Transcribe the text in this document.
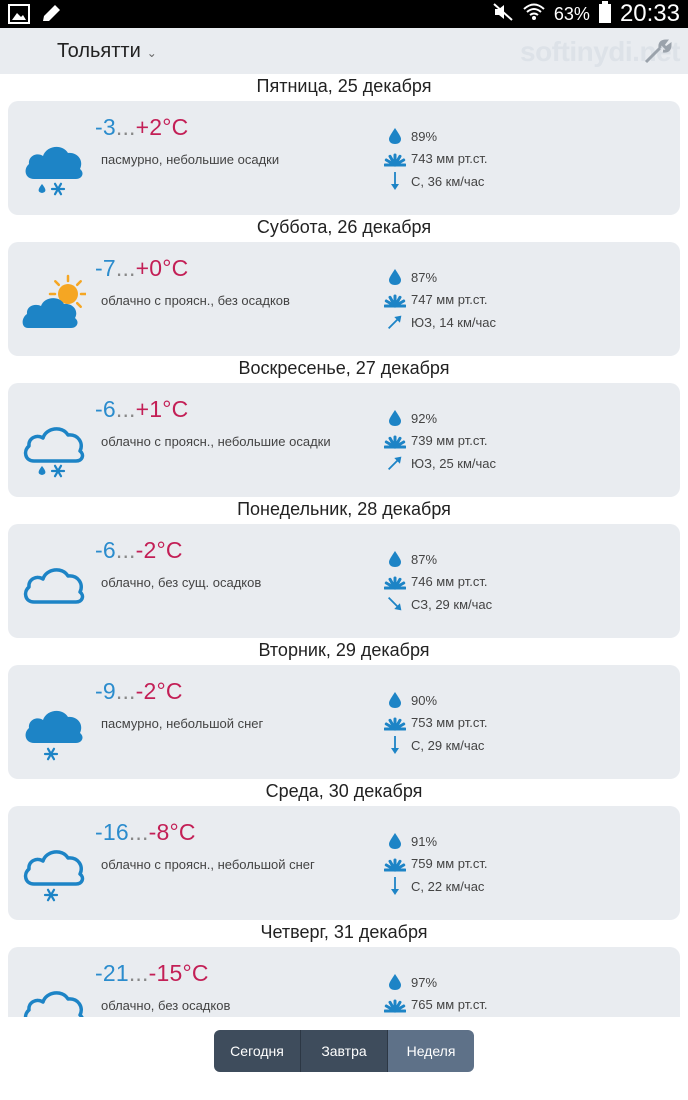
63% 20:33
Тольятти ⌄	softinydi.net
Пятница, 25 декабря
-3...+2°C
пасмурно, небольшие осадки
89%
743 мм рт.ст.
С, 36 км/час
Суббота, 26 декабря
-7...+0°C
облачно с проясн., без осадков
87%
747 мм рт.ст.
ЮЗ, 14 км/час
Воскресенье, 27 декабря
-6...+1°C
облачно с проясн., небольшие осадки
92%
739 мм рт.ст.
ЮЗ, 25 км/час
Понедельник, 28 декабря
-6...-2°C
облачно, без сущ. осадков
87%
746 мм рт.ст.
СЗ, 29 км/час
Вторник, 29 декабря
-9...-2°C
пасмурно, небольшой снег
90%
753 мм рт.ст.
С, 29 км/час
Среда, 30 декабря
-16...-8°C
облачно с проясн., небольшой снег
91%
759 мм рт.ст.
С, 22 км/час
Четверг, 31 декабря
-21...-15°C
облачно, без осадков
97%
765 мм рт.ст.
Сегодня	Завтра	Неделя
